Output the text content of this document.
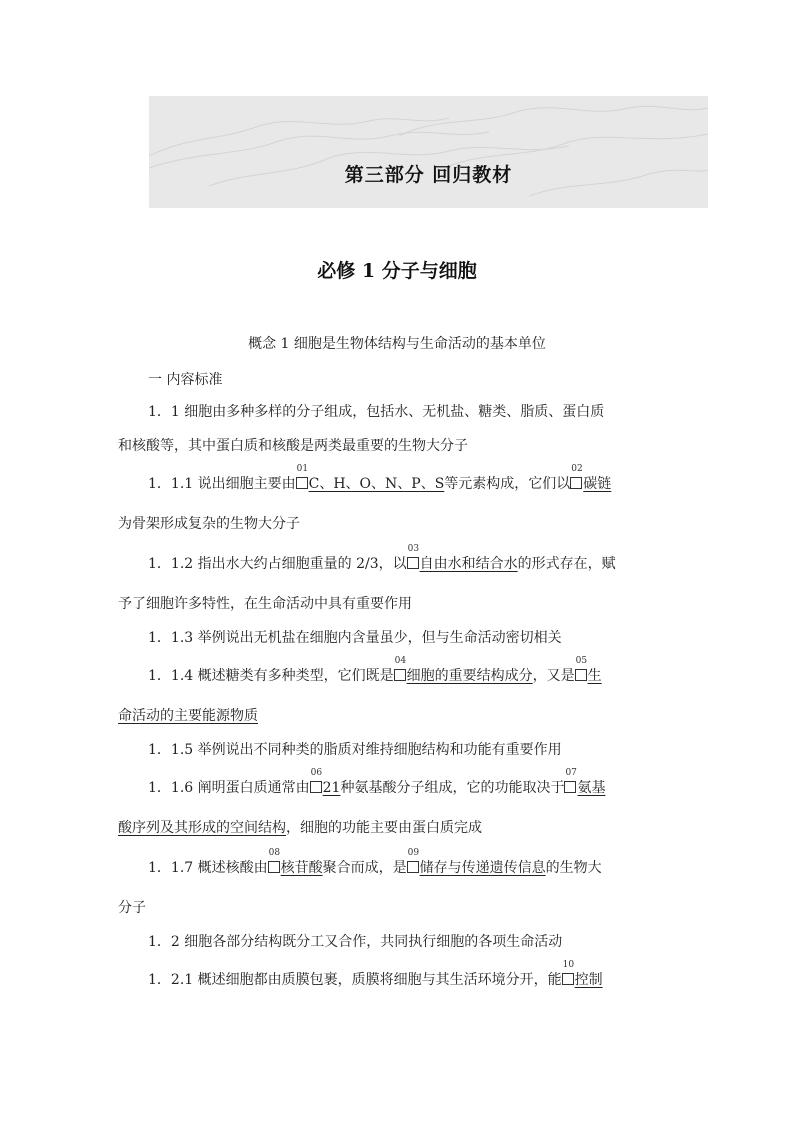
第三部分 回归教材
必修 1 分子与细胞
概念 1 细胞是生物体结构与生命活动的基本单位
一 内容标准
1．1 细胞由多种多样的分子组成，包括水、无机盐、糖类、脂质、蛋白质
和核酸等，其中蛋白质和核酸是两类最重要的生物大分子
1．1.1 说出细胞主要由
01
C、H、O、N、P、S等元素构成，它们以
02
碳链
为骨架形成复杂的生物大分子
1．1.2 指出水大约占细胞重量的 2/3，以
03
自由水和结合水的形式存在，赋
予了细胞许多特性，在生命活动中具有重要作用
1．1.3 举例说出无机盐在细胞内含量虽少，但与生命活动密切相关
1．1.4 概述糖类有多种类型，它们既是
04
细胞的重要结构成分，又是
05
生
命活动的主要能源物质
1．1.5 举例说出不同种类的脂质对维持细胞结构和功能有重要作用
1．1.6 阐明蛋白质通常由
06
21种氨基酸分子组成，它的功能取决于
07
氨基
酸序列及其形成的空间结构，细胞的功能主要由蛋白质完成
1．1.7 概述核酸由
08
核苷酸聚合而成，是
09
储存与传递遗传信息的生物大
分子
1．2 细胞各部分结构既分工又合作，共同执行细胞的各项生命活动
1．2.1 概述细胞都由质膜包裹，质膜将细胞与其生活环境分开，能
10
控制
